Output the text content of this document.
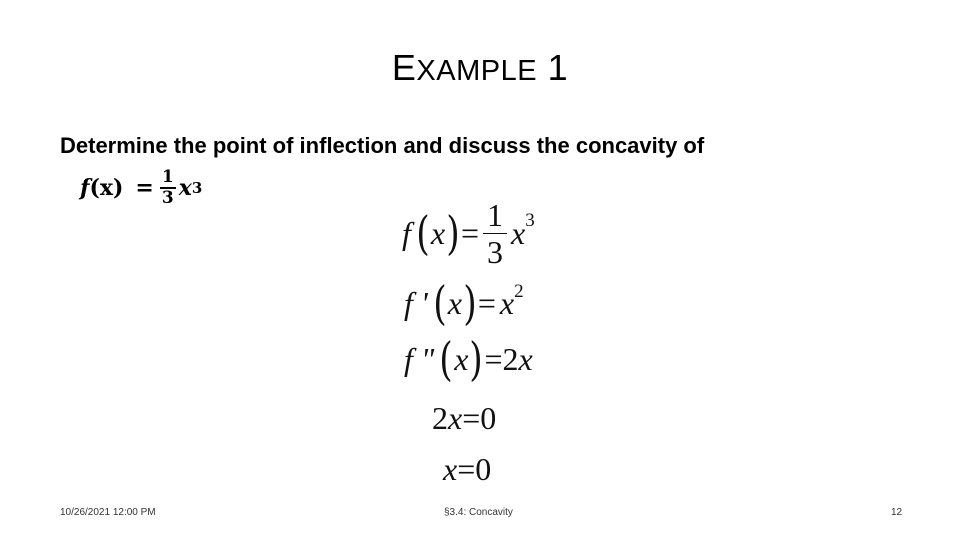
EXAMPLE 1
Determine the point of inflection and discuss the concavity of
f $(x) = \frac{1}{3}$ x 3
f ( x ) = $\frac{1}{3}$ x 3
f ' ( x ) = x 2
f " ( x ) = 2 x
2 x = 0
x = 0
10/26/2021 12:00 PM	§3.4: Concavity	12
